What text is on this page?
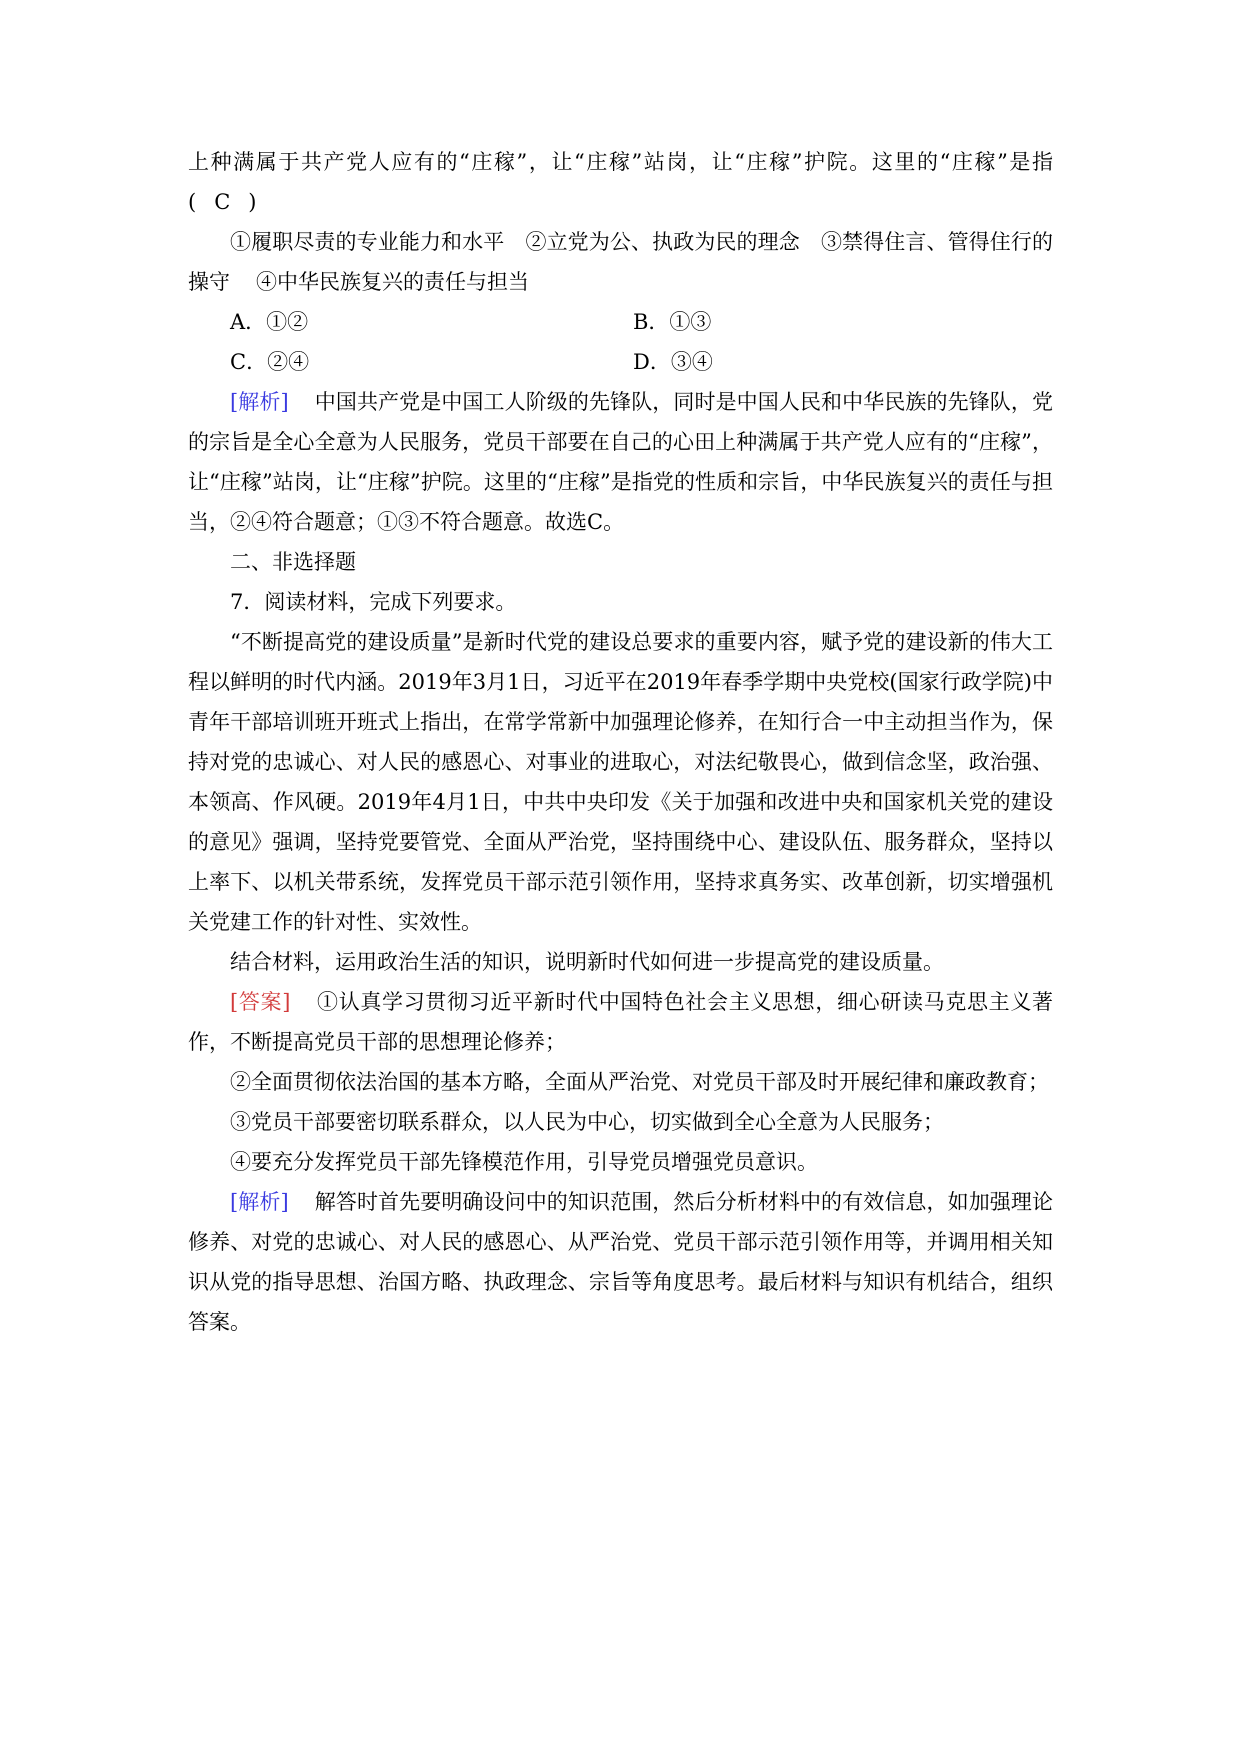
上种满属于共产党人应有的“庄稼”，让“庄稼”站岗，让“庄稼”护院。这里的“庄稼”是指( C )

①履职尽责的专业能力和水平　②立党为公、执政为民的理念　③禁得住言、管得住行的操守 ④中华民族复兴的责任与担当

A．①②	B．①③
C．②④	D．③④

[解析] 中国共产党是中国工人阶级的先锋队，同时是中国人民和中华民族的先锋队，党的宗旨是全心全意为人民服务，党员干部要在自己的心田上种满属于共产党人应有的“庄稼”，让“庄稼”站岗，让“庄稼”护院。这里的“庄稼”是指党的性质和宗旨，中华民族复兴的责任与担当，②④符合题意；①③不符合题意。故选C。

二、非选择题

7．阅读材料，完成下列要求。

“不断提高党的建设质量”是新时代党的建设总要求的重要内容，赋予党的建设新的伟大工程以鲜明的时代内涵。2019年3月1日，习近平在2019年春季学期中央党校(国家行政学院)中青年干部培训班开班式上指出，在常学常新中加强理论修养，在知行合一中主动担当作为，保持对党的忠诚心、对人民的感恩心、对事业的进取心，对法纪敬畏心，做到信念坚，政治强、本领高、作风硬。2019年4月1日，中共中央印发《关于加强和改进中央和国家机关党的建设的意见》强调，坚持党要管党、全面从严治党，坚持围绕中心、建设队伍、服务群众，坚持以上率下、以机关带系统，发挥党员干部示范引领作用，坚持求真务实、改革创新，切实增强机关党建工作的针对性、实效性。

结合材料，运用政治生活的知识，说明新时代如何进一步提高党的建设质量。

[答案] ①认真学习贯彻习近平新时代中国特色社会主义思想，细心研读马克思主义著作，不断提高党员干部的思想理论修养；

②全面贯彻依法治国的基本方略，全面从严治党、对党员干部及时开展纪律和廉政教育；

③党员干部要密切联系群众，以人民为中心，切实做到全心全意为人民服务；

④要充分发挥党员干部先锋模范作用，引导党员增强党员意识。

[解析] 解答时首先要明确设问中的知识范围，然后分析材料中的有效信息，如加强理论修养、对党的忠诚心、对人民的感恩心、从严治党、党员干部示范引领作用等，并调用相关知识从党的指导思想、治国方略、执政理念、宗旨等角度思考。最后材料与知识有机结合，组织答案。
